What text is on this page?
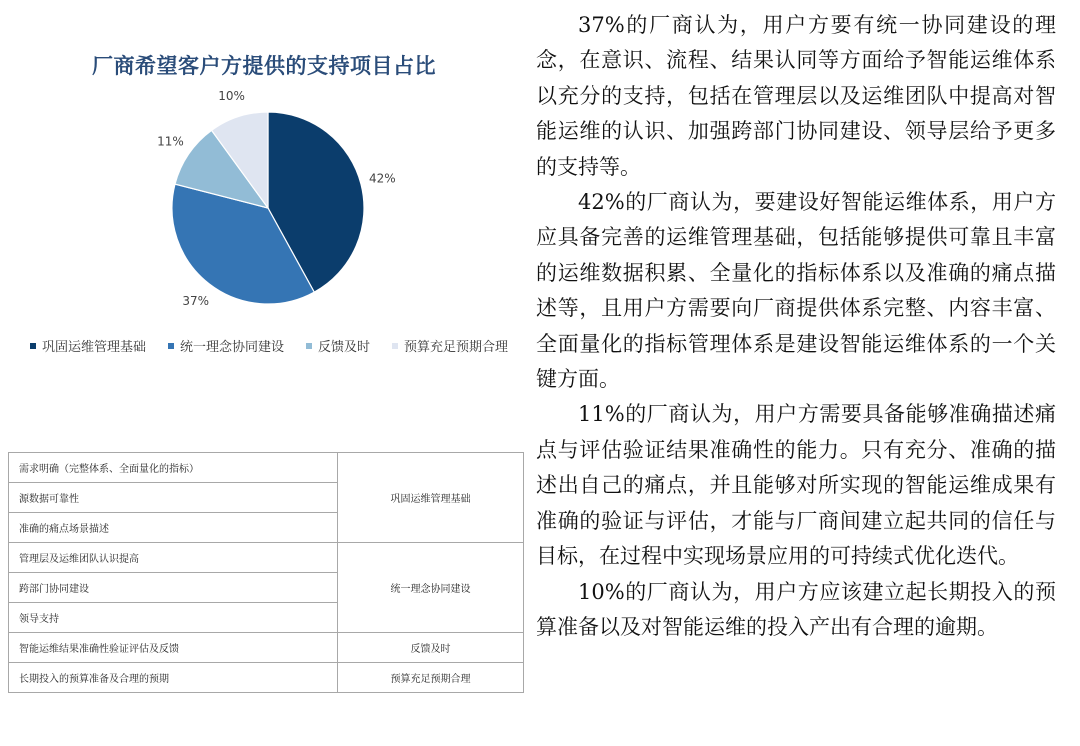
厂商希望客户方提供的支持项目占比
42%
37%
11%
10%
巩固运维管理基础	统一理念协同建设	反馈及时	预算充足预期合理
需求明确（完整体系、全面量化的指标）	巩固运维管理基础
源数据可靠性	
准确的痛点场景描述	
管理层及运维团队认识提高	统一理念协同建设
跨部门协同建设	
领导支持	
智能运维结果准确性验证评估及反馈	反馈及时
长期投入的预算准备及合理的预期	预算充足预期合理

37%的厂商认为，用户方要有统一协同建设的理念，在意识、流程、结果认同等方面给予智能运维体系以充分的支持，包括在管理层以及运维团队中提高对智能运维的认识、加强跨部门协同建设、领导层给予更多的支持等。

42%的厂商认为，要建设好智能运维体系，用户方应具备完善的运维管理基础，包括能够提供可靠且丰富的运维数据积累、全量化的指标体系以及准确的痛点描述等，且用户方需要向厂商提供体系完整、内容丰富、全面量化的指标管理体系是建设智能运维体系的一个关键方面。

11%的厂商认为，用户方需要具备能够准确描述痛点与评估验证结果准确性的能力。只有充分、准确的描述出自己的痛点，并且能够对所实现的智能运维成果有准确的验证与评估，才能与厂商间建立起共同的信任与目标，在过程中实现场景应用的可持续式优化迭代。

10%的厂商认为，用户方应该建立起长期投入的预算准备以及对智能运维的投入产出有合理的逾期。
